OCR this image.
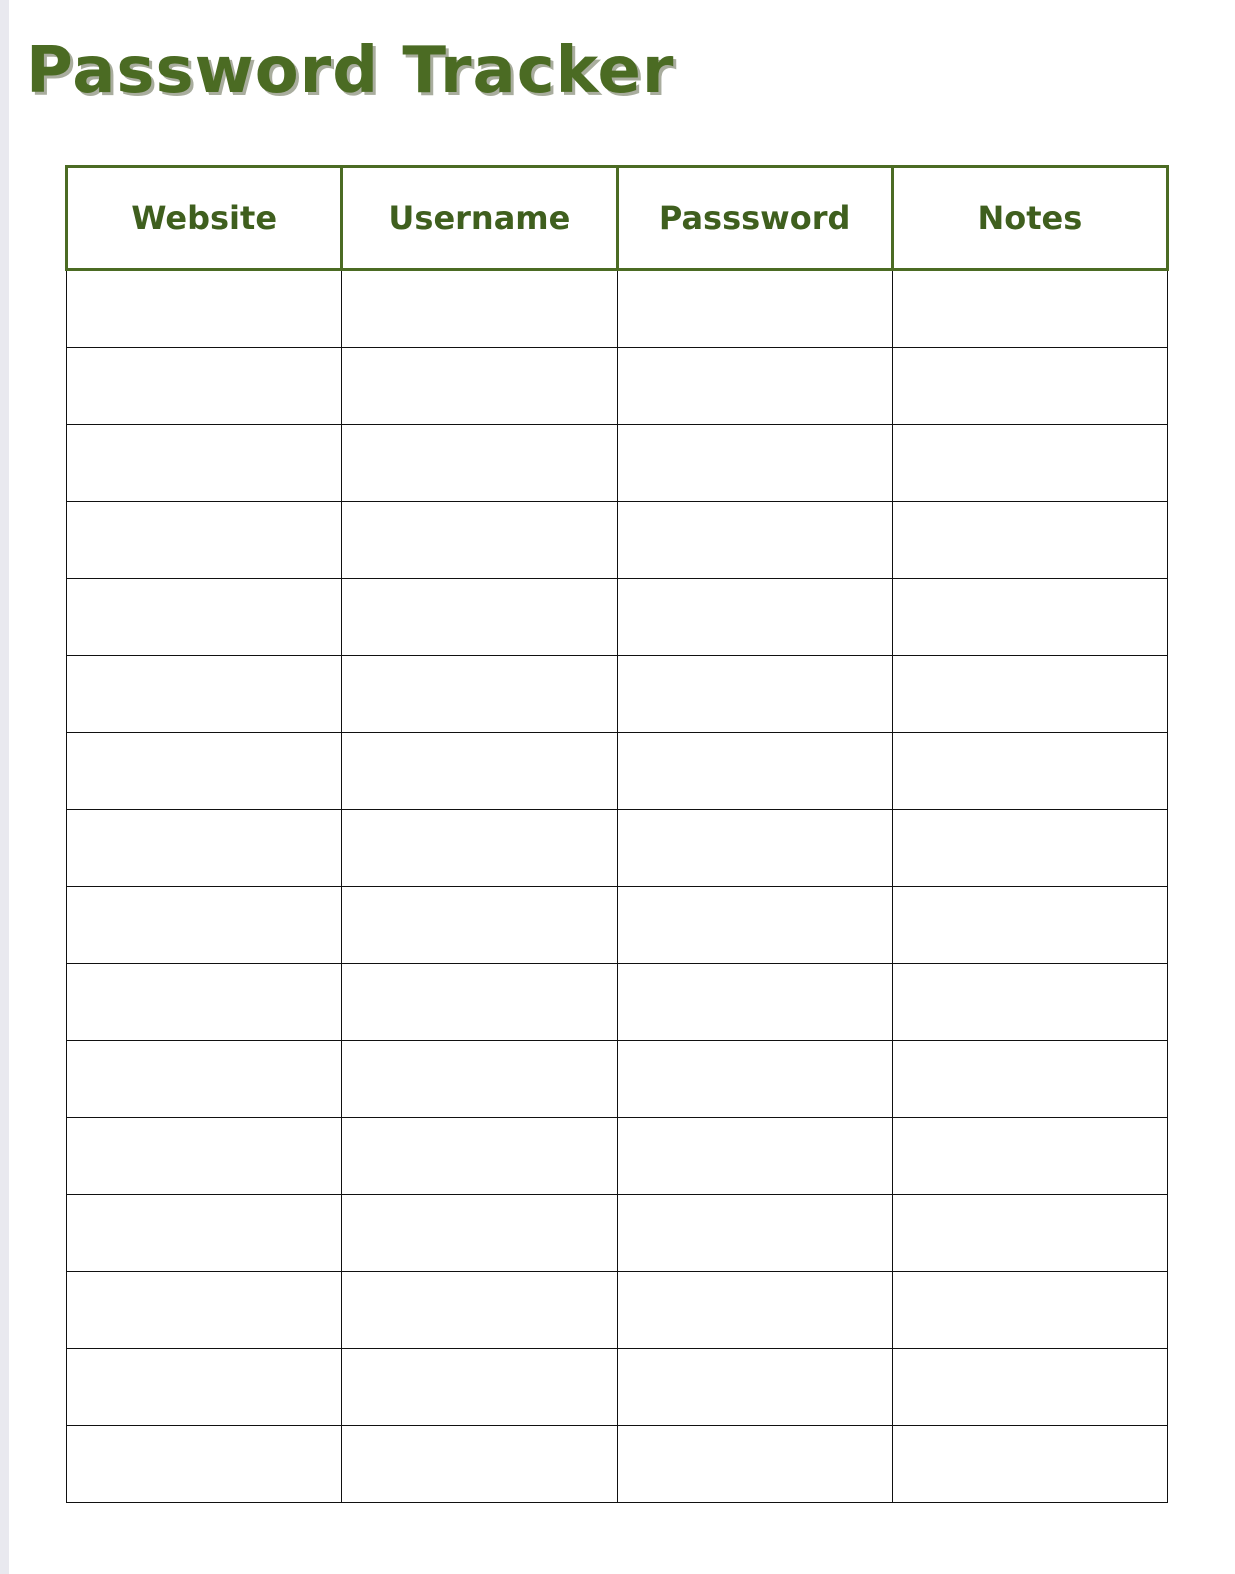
Password Tracker
Website	Username	Passsword	Notes
